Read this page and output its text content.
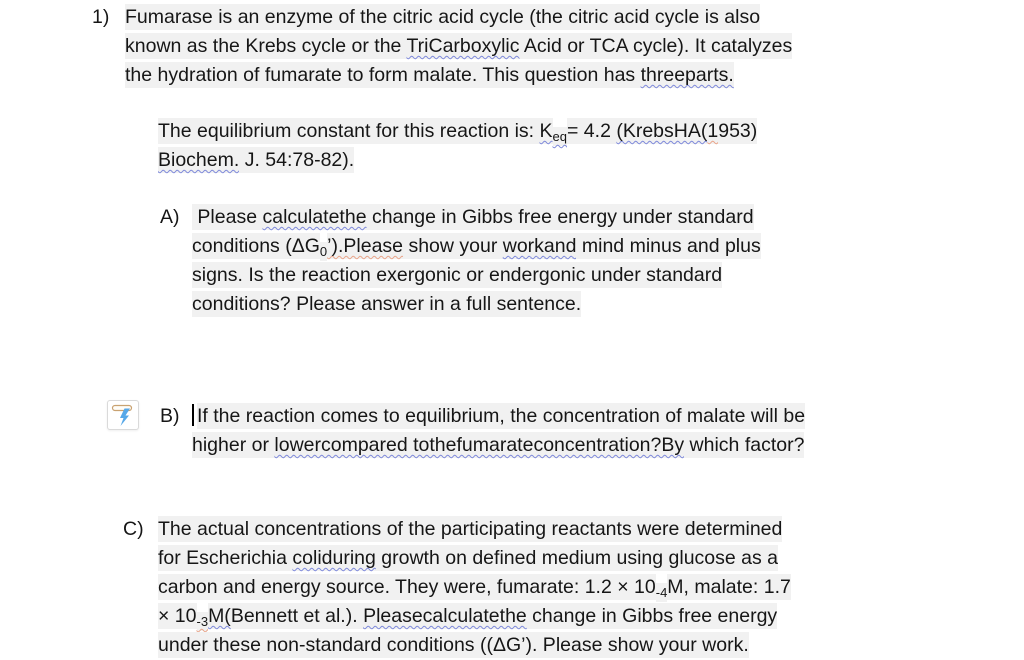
1) Fumarase is an enzyme of the citric acid cycle (the citric acid cycle is also
known as the Krebs cycle or the TriCarboxylic Acid or TCA cycle). It catalyzes
the hydration of fumarate to form malate. This question has threeparts.
The equilibrium constant for this reaction is: $K_{eq}= 4.2$ (KrebsHA(1953)
Biochem. J. 54:78-82).
A) Please calculatethe change in Gibbs free energy under standard
conditions $(\Delta G_0’).Please$ show your workand mind minus and plus
signs. Is the reaction exergonic or endergonic under standard
conditions? Please answer in a full sentence.
B) If the reaction comes to equilibrium, the concentration of malate will be
higher or lowercompared tothefumarateconcentration?By which factor?
C) The actual concentrations of the participating reactants were determined
for Escherichia coliduring growth on defined medium using glucose as a
carbon and energy source. They were, fumarate: $1.2 \times 10_{-4}M$, malate: 1.7
× $10_{-3}M(Bennett$ et al.). Pleasecalculatethe change in Gibbs free energy
under these non-standard conditions ((ΔG’). Please show your work.
